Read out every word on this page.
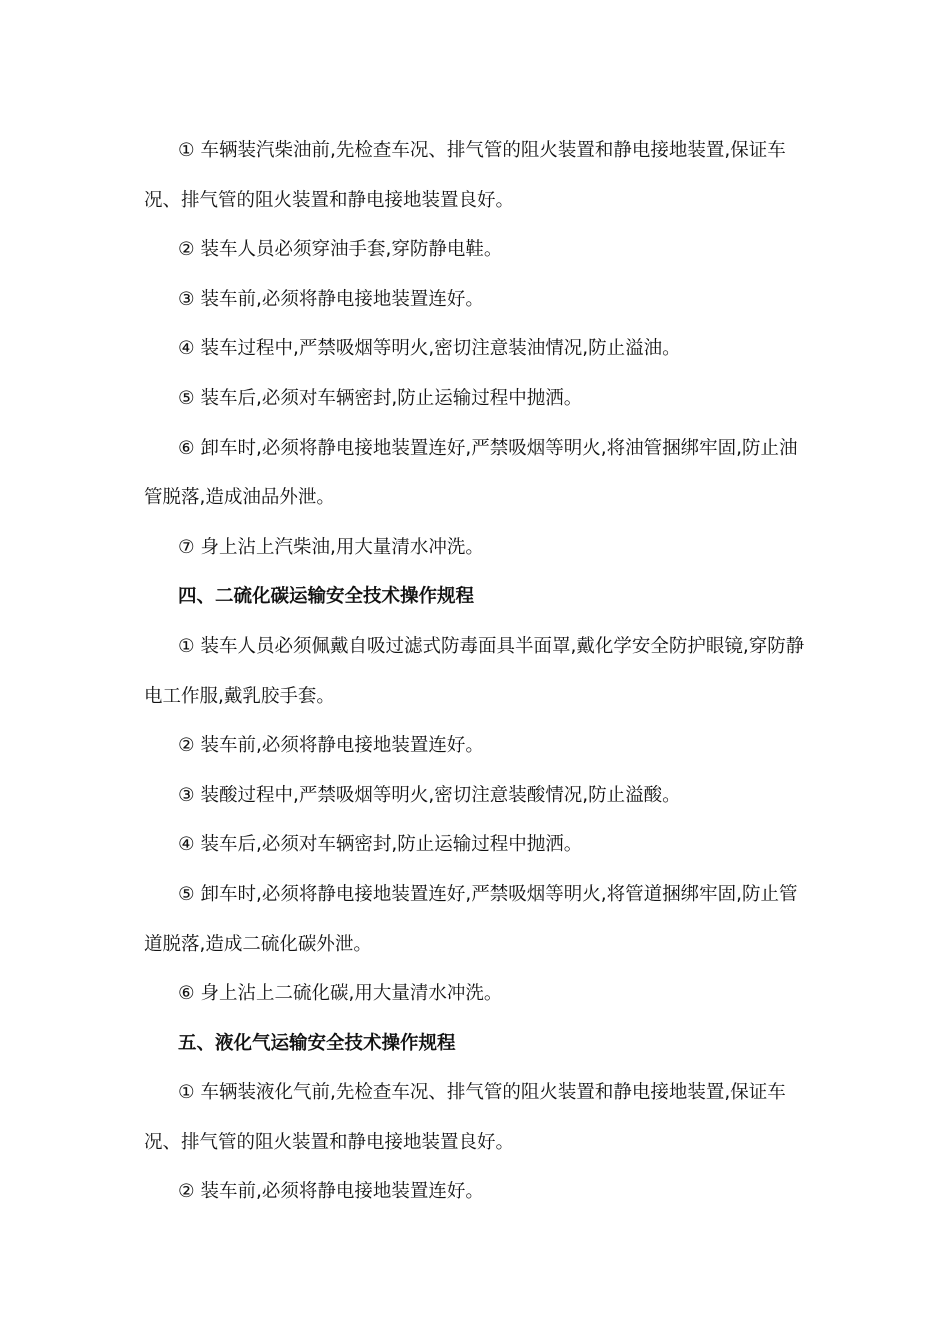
① 车辆装汽柴油前,先检查车况、排气管的阻火装置和静电接地装置,保证车况、排气管的阻火装置和静电接地装置良好。

② 装车人员必须穿油手套,穿防静电鞋。

③ 装车前,必须将静电接地装置连好。

④ 装车过程中,严禁吸烟等明火,密切注意装油情况,防止溢油。

⑤ 装车后,必须对车辆密封,防止运输过程中抛洒。

⑥ 卸车时,必须将静电接地装置连好,严禁吸烟等明火,将油管捆绑牢固,防止油管脱落,造成油品外泄。

⑦ 身上沾上汽柴油,用大量清水冲洗。

四、二硫化碳运输安全技术操作规程

① 装车人员必须佩戴自吸过滤式防毒面具半面罩,戴化学安全防护眼镜,穿防静电工作服,戴乳胶手套。

② 装车前,必须将静电接地装置连好。

③ 装酸过程中,严禁吸烟等明火,密切注意装酸情况,防止溢酸。

④ 装车后,必须对车辆密封,防止运输过程中抛洒。

⑤ 卸车时,必须将静电接地装置连好,严禁吸烟等明火,将管道捆绑牢固,防止管道脱落,造成二硫化碳外泄。

⑥ 身上沾上二硫化碳,用大量清水冲洗。

五、液化气运输安全技术操作规程

① 车辆装液化气前,先检查车况、排气管的阻火装置和静电接地装置,保证车况、排气管的阻火装置和静电接地装置良好。

② 装车前,必须将静电接地装置连好。
